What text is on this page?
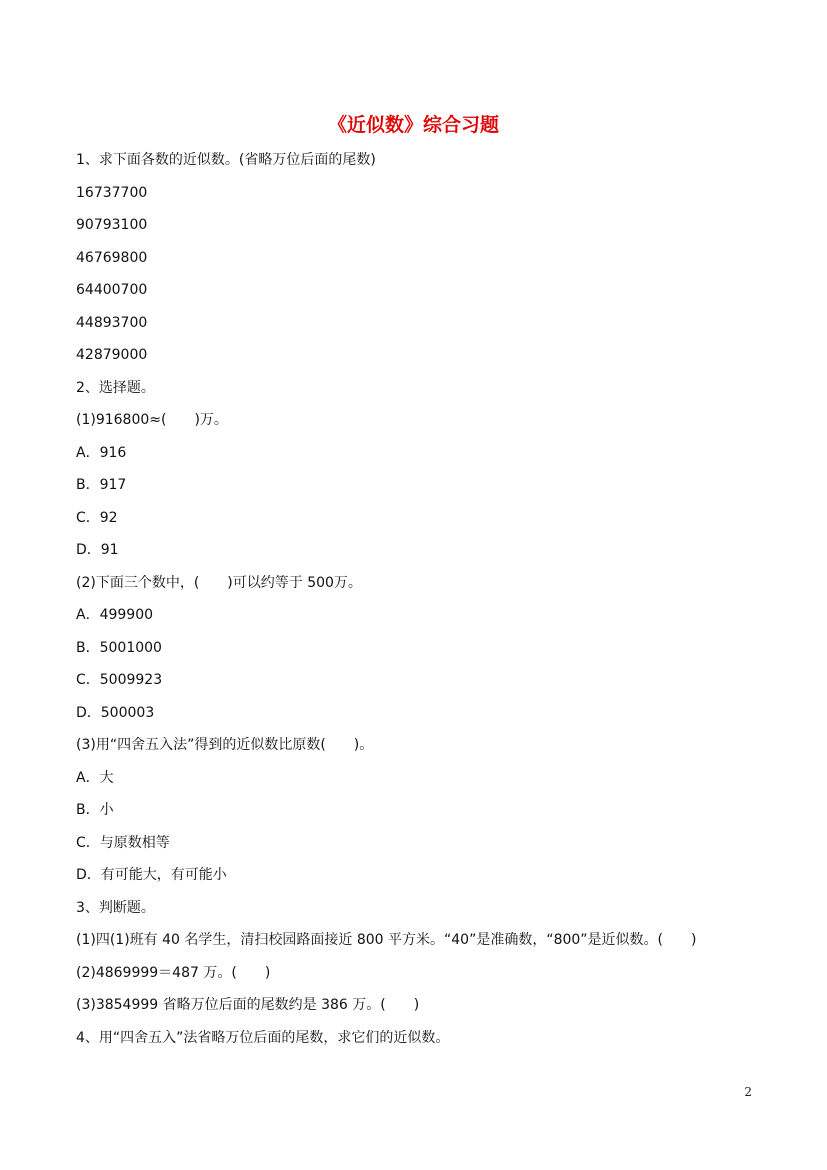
《近似数》综合习题
1、求下面各数的近似数。(省略万位后面的尾数)
16737700
90793100
46769800
64400700
44893700
42879000
2、选择题。
(1)916800≈(　　)万。
A．916
B．917
C．92
D．91
(2)下面三个数中，(　　)可以约等于 500万。
A．499900
B．5001000
C．5009923
D．500003
(3)用“四舍五入法”得到的近似数比原数(　　)。
A．大
B．小
C．与原数相等
D．有可能大，有可能小
3、判断题。
(1)四(1)班有 40 名学生，清扫校园路面接近 800 平方米。“40”是准确数，“800”是近似数。(　　)
(2)4869999＝487 万。(　　)
(3)3854999 省略万位后面的尾数约是 386 万。(　　)
4、用“四舍五入”法省略万位后面的尾数，求它们的近似数。
2
